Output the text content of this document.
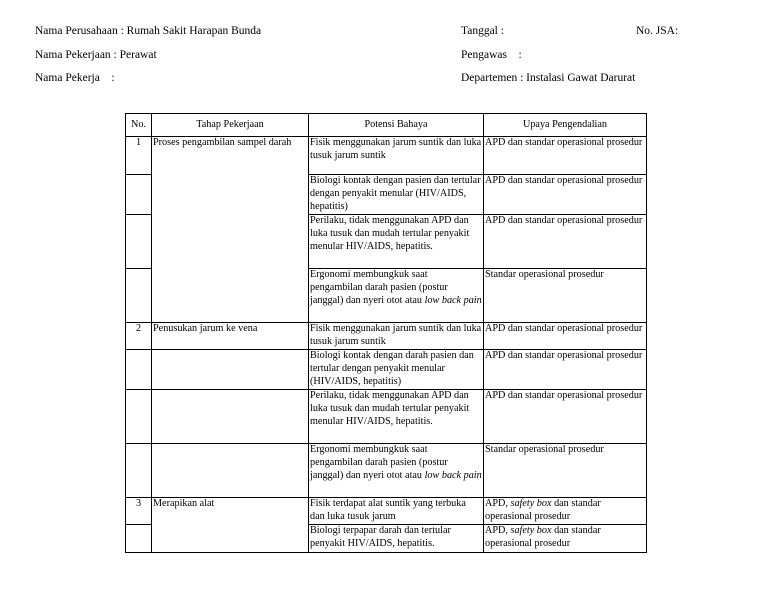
Nama Perusahaan : Rumah Sakit Harapan Bunda
Nama Pekerjaan : Perawat
Nama Pekerja    :
Tanggal :	No. JSA:
Pengawas    :
Departemen : Instalasi Gawat Darurat
No.	Tahap Pekerjaan	Potensi Bahaya	Upaya Pengendalian
1	Proses pengambilan sampel darah	Fisik menggunakan jarum suntik dan luka tusuk jarum suntik	APD dan standar operasional prosedur
		Biologi kontak dengan pasien dan tertular dengan penyakit menular (HIV/AIDS, hepatitis)	APD dan standar operasional prosedur
		Perilaku, tidak menggunakan APD dan luka tusuk dan mudah tertular penyakit menular HIV/AIDS, hepatitis.	APD dan standar operasional prosedur
		Ergonomi membungkuk saat pengambilan darah pasien (postur janggal) dan nyeri otot atau low back pain	Standar operasional prosedur
2	Penusukan jarum ke vena	Fisik menggunakan jarum suntik dan luka tusuk jarum suntik	APD dan standar operasional prosedur
		Biologi kontak dengan darah pasien dan tertular dengan penyakit menular (HIV/AIDS, hepatitis)	APD dan standar operasional prosedur
		Perilaku, tidak menggunakan APD dan luka tusuk dan mudah tertular penyakit menular HIV/AIDS, hepatitis.	APD dan standar operasional prosedur
		Ergonomi membungkuk saat pengambilan darah pasien (postur janggal) dan nyeri otot atau low back pain	Standar operasional prosedur
3	Merapikan alat	Fisik terdapat alat suntik yang terbuka dan luka tusuk jarum	APD, safety box dan standar operasional prosedur
		Biologi terpapar darah dan tertular penyakit HIV/AIDS, hepatitis.	APD, safety box dan standar operasional prosedur
